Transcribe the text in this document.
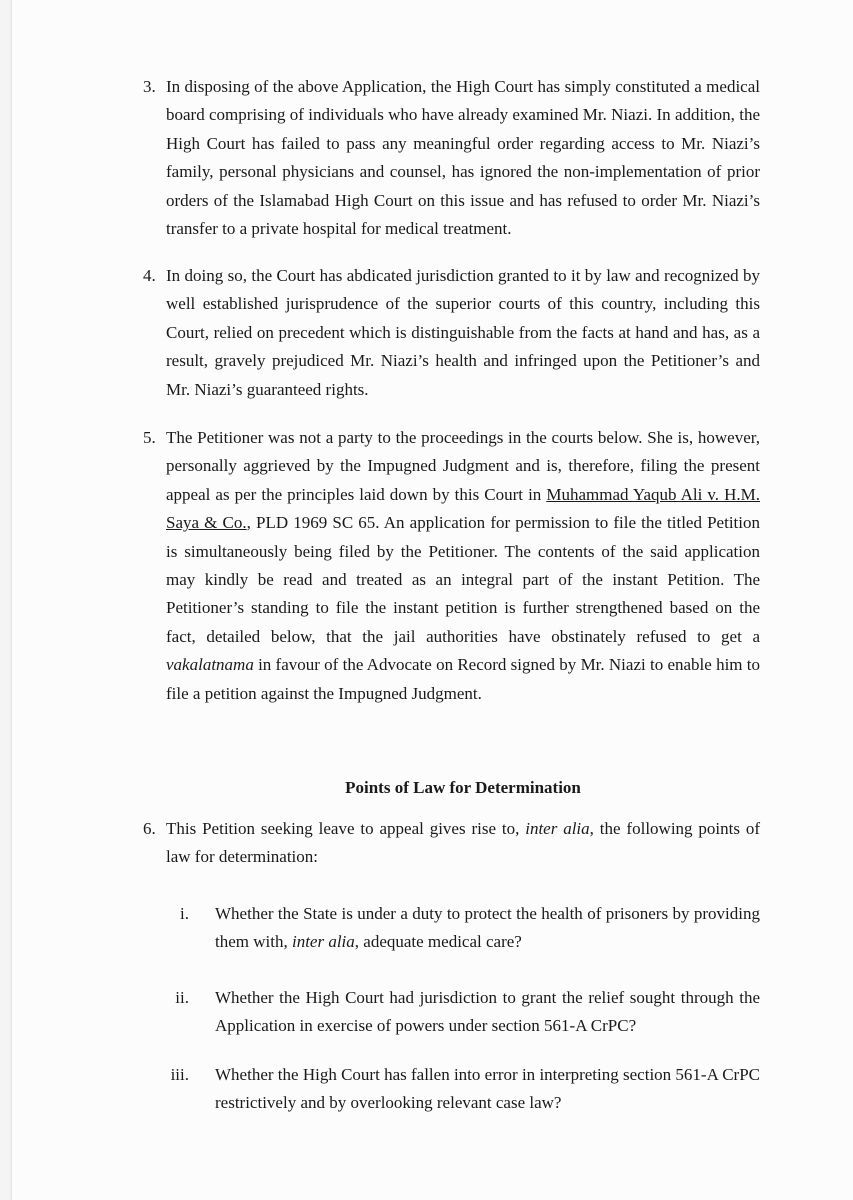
3. In disposing of the above Application, the High Court has simply constituted a medical board comprising of individuals who have already examined Mr. Niazi. In addition, the High Court has failed to pass any meaningful order regarding access to Mr. Niazi’s family, personal physicians and counsel, has ignored the non-implementation of prior orders of the Islamabad High Court on this issue and has refused to order Mr. Niazi’s transfer to a private hospital for medical treatment.
4. In doing so, the Court has abdicated jurisdiction granted to it by law and recognized by well established jurisprudence of the superior courts of this country, including this Court, relied on precedent which is distinguishable from the facts at hand and has, as a result, gravely prejudiced Mr. Niazi’s health and infringed upon the Petitioner’s and Mr. Niazi’s guaranteed rights.
5. The Petitioner was not a party to the proceedings in the courts below. She is, however, personally aggrieved by the Impugned Judgment and is, therefore, filing the present appeal as per the principles laid down by this Court in Muhammad Yaqub Ali v. H.M. Saya & Co., PLD 1969 SC 65. An application for permission to file the titled Petition is simultaneously being filed by the Petitioner. The contents of the said application may kindly be read and treated as an integral part of the instant Petition. The Petitioner’s standing to file the instant petition is further strengthened based on the fact, detailed below, that the jail authorities have obstinately refused to get a vakalatnama in favour of the Advocate on Record signed by Mr. Niazi to enable him to file a petition against the Impugned Judgment.
Points of Law for Determination
6. This Petition seeking leave to appeal gives rise to, inter alia, the following points of law for determination:
i. Whether the State is under a duty to protect the health of prisoners by providing them with, inter alia, adequate medical care?
ii. Whether the High Court had jurisdiction to grant the relief sought through the Application in exercise of powers under section 561-A CrPC?
iii. Whether the High Court has fallen into error in interpreting section 561-A CrPC restrictively and by overlooking relevant case law?
